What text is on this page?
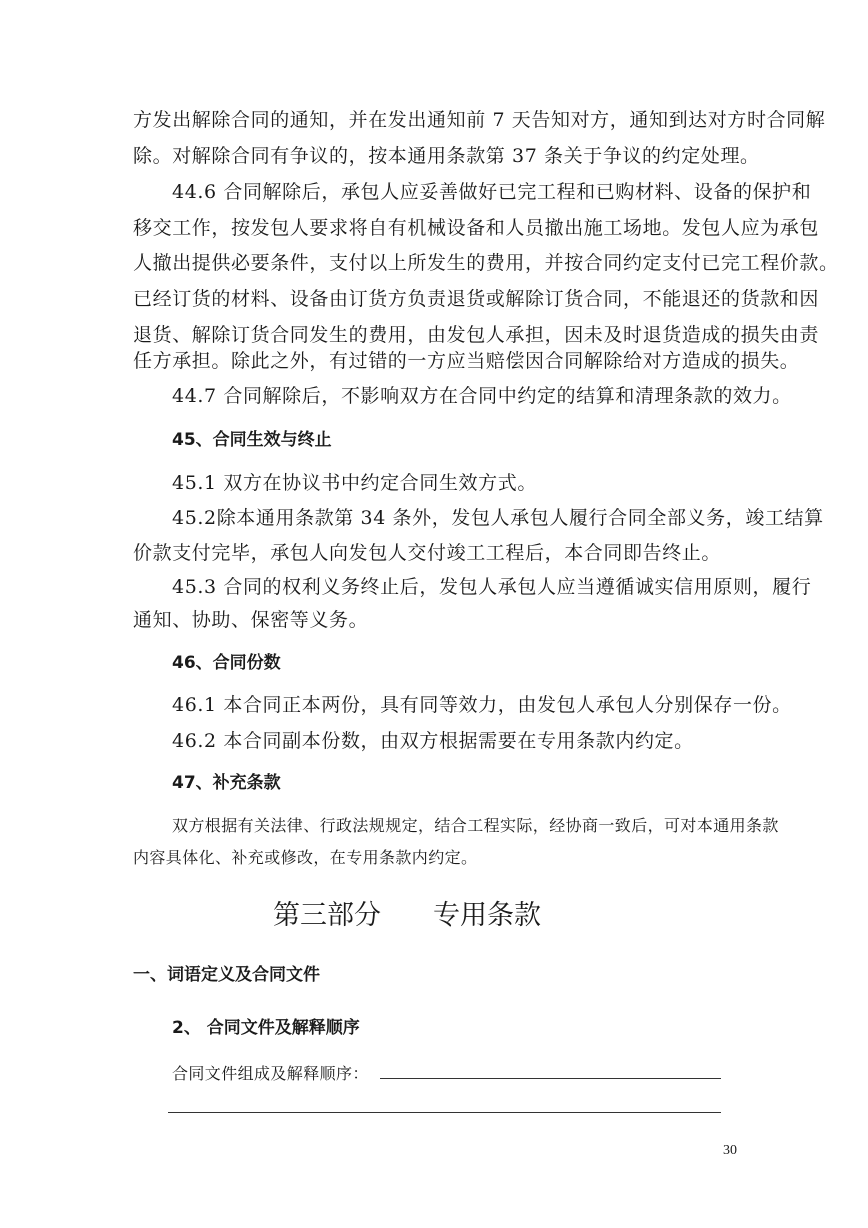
方发出解除合同的通知，并在发出通知前 7 天告知对方，通知到达对方时合同解
除。对解除合同有争议的，按本通用条款第 37 条关于争议的约定处理。
44.6 合同解除后，承包人应妥善做好已完工程和已购材料、设备的保护和
移交工作，按发包人要求将自有机械设备和人员撤出施工场地。发包人应为承包
人撤出提供必要条件，支付以上所发生的费用，并按合同约定支付已完工程价款。
已经订货的材料、设备由订货方负责退货或解除订货合同，不能退还的货款和因
退货、解除订货合同发生的费用，由发包人承担，因未及时退货造成的损失由责
任方承担。除此之外，有过错的一方应当赔偿因合同解除给对方造成的损失。
44.7 合同解除后，不影响双方在合同中约定的结算和清理条款的效力。
45、合同生效与终止
45.1 双方在协议书中约定合同生效方式。
45.2除本通用条款第 34 条外，发包人承包人履行合同全部义务，竣工结算
价款支付完毕，承包人向发包人交付竣工工程后，本合同即告终止。
45.3 合同的权利义务终止后，发包人承包人应当遵循诚实信用原则，履行
通知、协助、保密等义务。
46、合同份数
46.1 本合同正本两份，具有同等效力，由发包人承包人分别保存一份。
46.2 本合同副本份数，由双方根据需要在专用条款内约定。
47、补充条款
双方根据有关法律、行政法规规定，结合工程实际，经协商一致后，可对本通用条款
内容具体化、补充或修改，在专用条款内约定。
第三部分 专用条款
一、词语定义及合同文件
2、 合同文件及解释顺序
合同文件组成及解释顺序：
30
